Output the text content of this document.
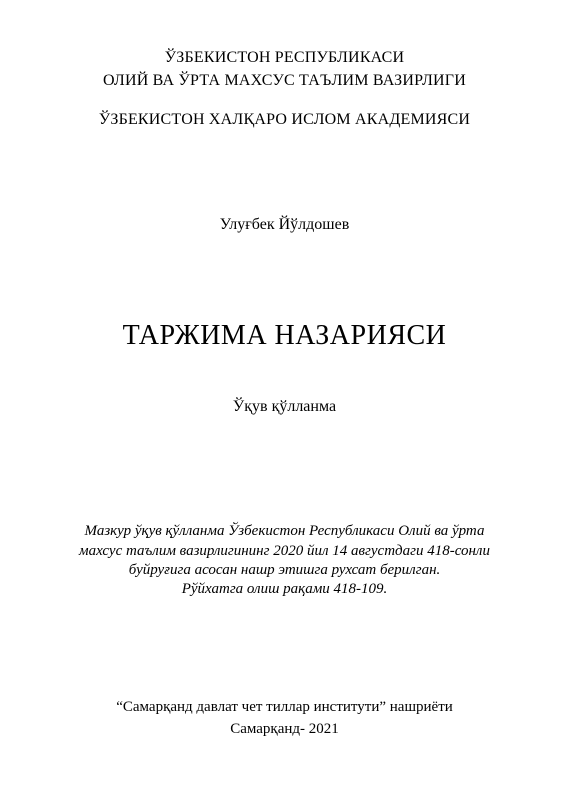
ЎЗБЕКИСТОН РЕСПУБЛИКАСИ
ОЛИЙ ВА ЎРТА МАХСУС ТАЪЛИМ ВАЗИРЛИГИ
ЎЗБЕКИСТОН ХАЛҚАРО ИСЛОМ АКАДЕМИЯСИ
Улуғбек Йўлдошев
ТАРЖИМА НАЗАРИЯСИ
Ўқув қўлланма
Мазкур ўқув қўлланма Ўзбекистон Республикаси Олий ва ўрта
махсус таълим вазирлигининг 2020 йил 14 августдаги 418-сонли
буйруғига асосан нашр этишга рухсат берилган.
Рўйхатга олиш рақами 418-109.
“Самарқанд давлат чет тиллар институти” нашриёти
Самарқанд- 2021
